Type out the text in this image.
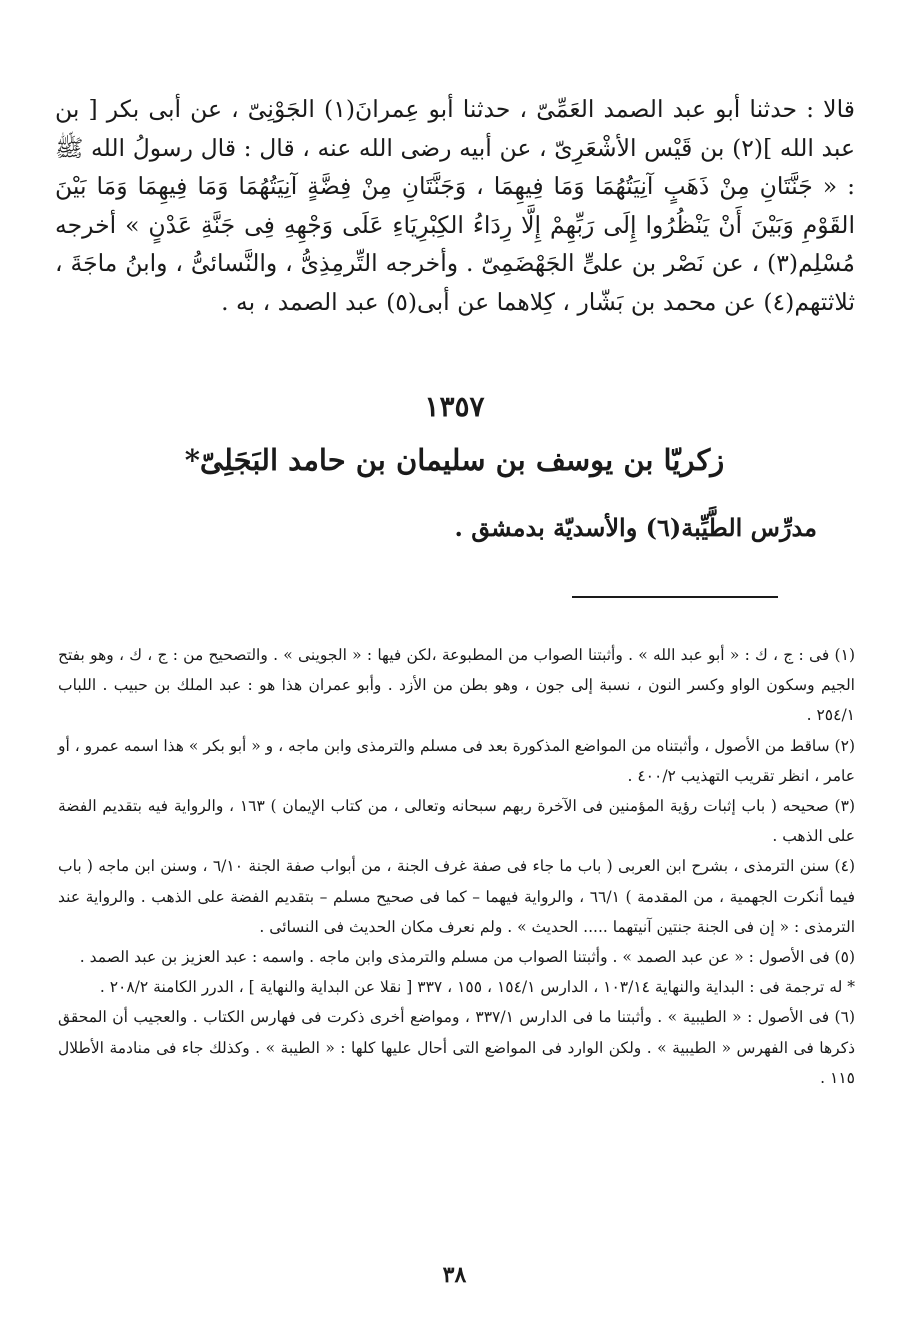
قالا : حدثنا أبو عبد الصمد العَمِّىّ ، حدثنا أبو عِمرانَ(١) الجَوْنِىّ ، عن أبى بكر [ بن عبد الله ](٢) بن قَيْس الأشْعَرِىّ ، عن أبيه رضى الله عنه ، قال : قال رسولُ الله ﷺ : « جَنَّتَانِ مِنْ ذَهَبٍ آنِيَتُهُمَا وَمَا فِيهِمَا ، وَجَنَّتَانِ مِنْ فِضَّةٍ آنِيَتُهُمَا وَمَا فِيهِمَا وَمَا بَيْنَ القَوْمِ وَبَيْنَ أَنْ يَنْظُرُوا إِلَى رَبِّهِمْ إِلَّا رِدَاءُ الكِبْرِيَاءِ عَلَى وَجْهِهِ فِى جَنَّةِ عَدْنٍ » أخرجه مُسْلِم(٣) ، عن نَصْر بن علىٍّ الجَهْضَمِىّ . وأخرجه التِّرمِذِىُّ ، والنَّسائىُّ ، وابنُ ماجَةَ ، ثلاثتهم(٤) عن محمد بن بَشّار ، كِلاهما عن أبى(٥) عبد الصمد ، به .

١٣٥٧
زكريّا بن يوسف بن سليمان بن حامد البَجَلِىّ*
مدرِّس الطَّيِّبة(٦) والأسديّة بدمشق .

(١) فى : ج ، ك : « أبو عبد الله » . وأثبتنا الصواب من المطبوعة ،لكن فيها : « الجوينى » . والتصحيح من : ج ، ك ، وهو بفتح الجيم وسكون الواو وكسر النون ، نسبة إلى جون ، وهو بطن من الأزد . وأبو عمران هذا هو : عبد الملك بن حبيب . اللباب ٢٥٤/١ .

(٢) ساقط من الأصول ، وأثبتناه من المواضع المذكورة بعد فى مسلم والترمذى وابن ماجه ، و « أبو بكر » هذا اسمه عمرو ، أو عامر ، انظر تقريب التهذيب ٤٠٠/٢ .

(٣) صحيحه ( باب إثبات رؤية المؤمنين فى الآخرة ربهم سبحانه وتعالى ، من كتاب الإيمان ) ١٦٣ ، والرواية فيه بتقديم الفضة على الذهب .

(٤) سنن الترمذى ، بشرح ابن العربى ( باب ما جاء فى صفة غرف الجنة ، من أبواب صفة الجنة ٦/١٠ ، وسنن ابن ماجه ( باب فيما أنكرت الجهمية ، من المقدمة ) ٦٦/١ ، والرواية فيهما – كما فى صحيح مسلم – بتقديم الفضة على الذهب . والرواية عند الترمذى : « إن فى الجنة جنتين آنيتهما ..... الحديث » . ولم نعرف مكان الحديث فى النسائى .

(٥) فى الأصول : « عن عبد الصمد » . وأثبتنا الصواب من مسلم والترمذى وابن ماجه . واسمه : عبد العزيز بن عبد الصمد .

* له ترجمة فى : البداية والنهاية ١٠٣/١٤ ، الدارس ١٥٤/١ ، ١٥٥ ، ٣٣٧ [ نقلا عن البداية والنهاية ] ، الدرر الكامنة ٢٠٨/٢ .

(٦) فى الأصول : « الطيبية » . وأثبتنا ما فى الدارس ٣٣٧/١ ، ومواضع أخرى ذكرت فى فهارس الكتاب . والعجيب أن المحقق ذكرها فى الفهرس « الطيبية » . ولكن الوارد فى المواضع التى أحال عليها كلها : « الطيبة » . وكذلك جاء فى منادمة الأطلال ١١٥ .

٣٨
